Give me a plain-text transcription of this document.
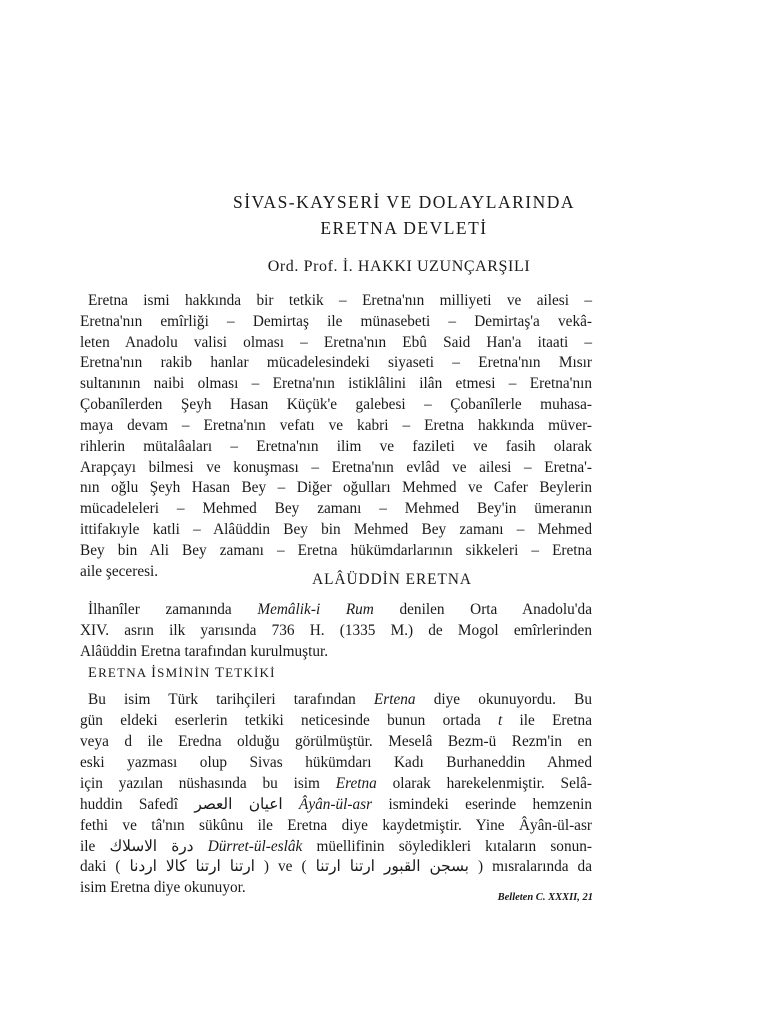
SİVAS-KAYSERİ VE DOLAYLARINDA
ERETNA DEVLETİ
Ord. Prof. İ. HAKKI UZUNÇARŞILI
Eretna ismi hakkında bir tetkik – Eretna'nın milliyeti ve ailesi –
Eretna'nın emîrliği – Demirtaş ile münasebeti – Demirtaş'a vekâ-
leten Anadolu valisi olması – Eretna'nın Ebû Said Han'a itaati –
Eretna'nın rakib hanlar mücadelesindeki siyaseti – Eretna'nın Mısır
sultanının naibi olması – Eretna'nın istiklâlini ilân etmesi – Eretna'nın
Çobanîlerden Şeyh Hasan Küçük'e galebesi – Çobanîlerle muhasa-
maya devam – Eretna'nın vefatı ve kabri – Eretna hakkında müver-
rihlerin mütalâaları – Eretna'nın ilim ve fazileti ve fasih olarak
Arapçayı bilmesi ve konuşması – Eretna'nın evlâd ve ailesi – Eretna'-
nın oğlu Şeyh Hasan Bey – Diğer oğulları Mehmed ve Cafer Beylerin
mücadeleleri – Mehmed Bey zamanı – Mehmed Bey'in ümeranın
ittifakıyle katli – Alâüddin Bey bin Mehmed Bey zamanı – Mehmed
Bey bin Ali Bey zamanı – Eretna hükümdarlarının sikkeleri – Eretna
aile şeceresi.	ALÂÜDDİN ERETNA
İlhanîler zamanında Memâlik-i Rum denilen Orta Anadolu'da
XIV. asrın ilk yarısında 736 H. (1335 M.) de Mogol emîrlerinden
Alâüddin Eretna tarafından kurulmuştur.
ERETNA İSMİNİN TETKİKİ
Bu isim Türk tarihçileri tarafından Ertena diye okunuyordu. Bu
gün eldeki eserlerin tetkiki neticesinde bunun ortada t ile Eretna
veya d ile Eredna olduğu görülmüştür. Meselâ Bezm-ü Rezm'in en
eski yazması olup Sivas hükümdarı Kadı Burhaneddin Ahmed
için yazılan nüshasında bu isim Eretna olarak harekelenmiştir. Selâ-
huddin Safedî اعيان العصر Âyân-ül-asr ismindeki eserinde hemzenin
fethi ve tâ'nın sükûnu ile Eretna diye kaydetmiştir. Yine Âyân-ül-asr
ile درة الاسلاك Dürret-ül-eslâk müellifinin söyledikleri kıtaların sonun-
daki ( ارتنا ارتنا كالا اردنا ) ve ( بسجن القبور ارتنا ارتنا ) mısralarında da
isim Eretna diye okunuyor.
Belleten C. XXXII, 21
